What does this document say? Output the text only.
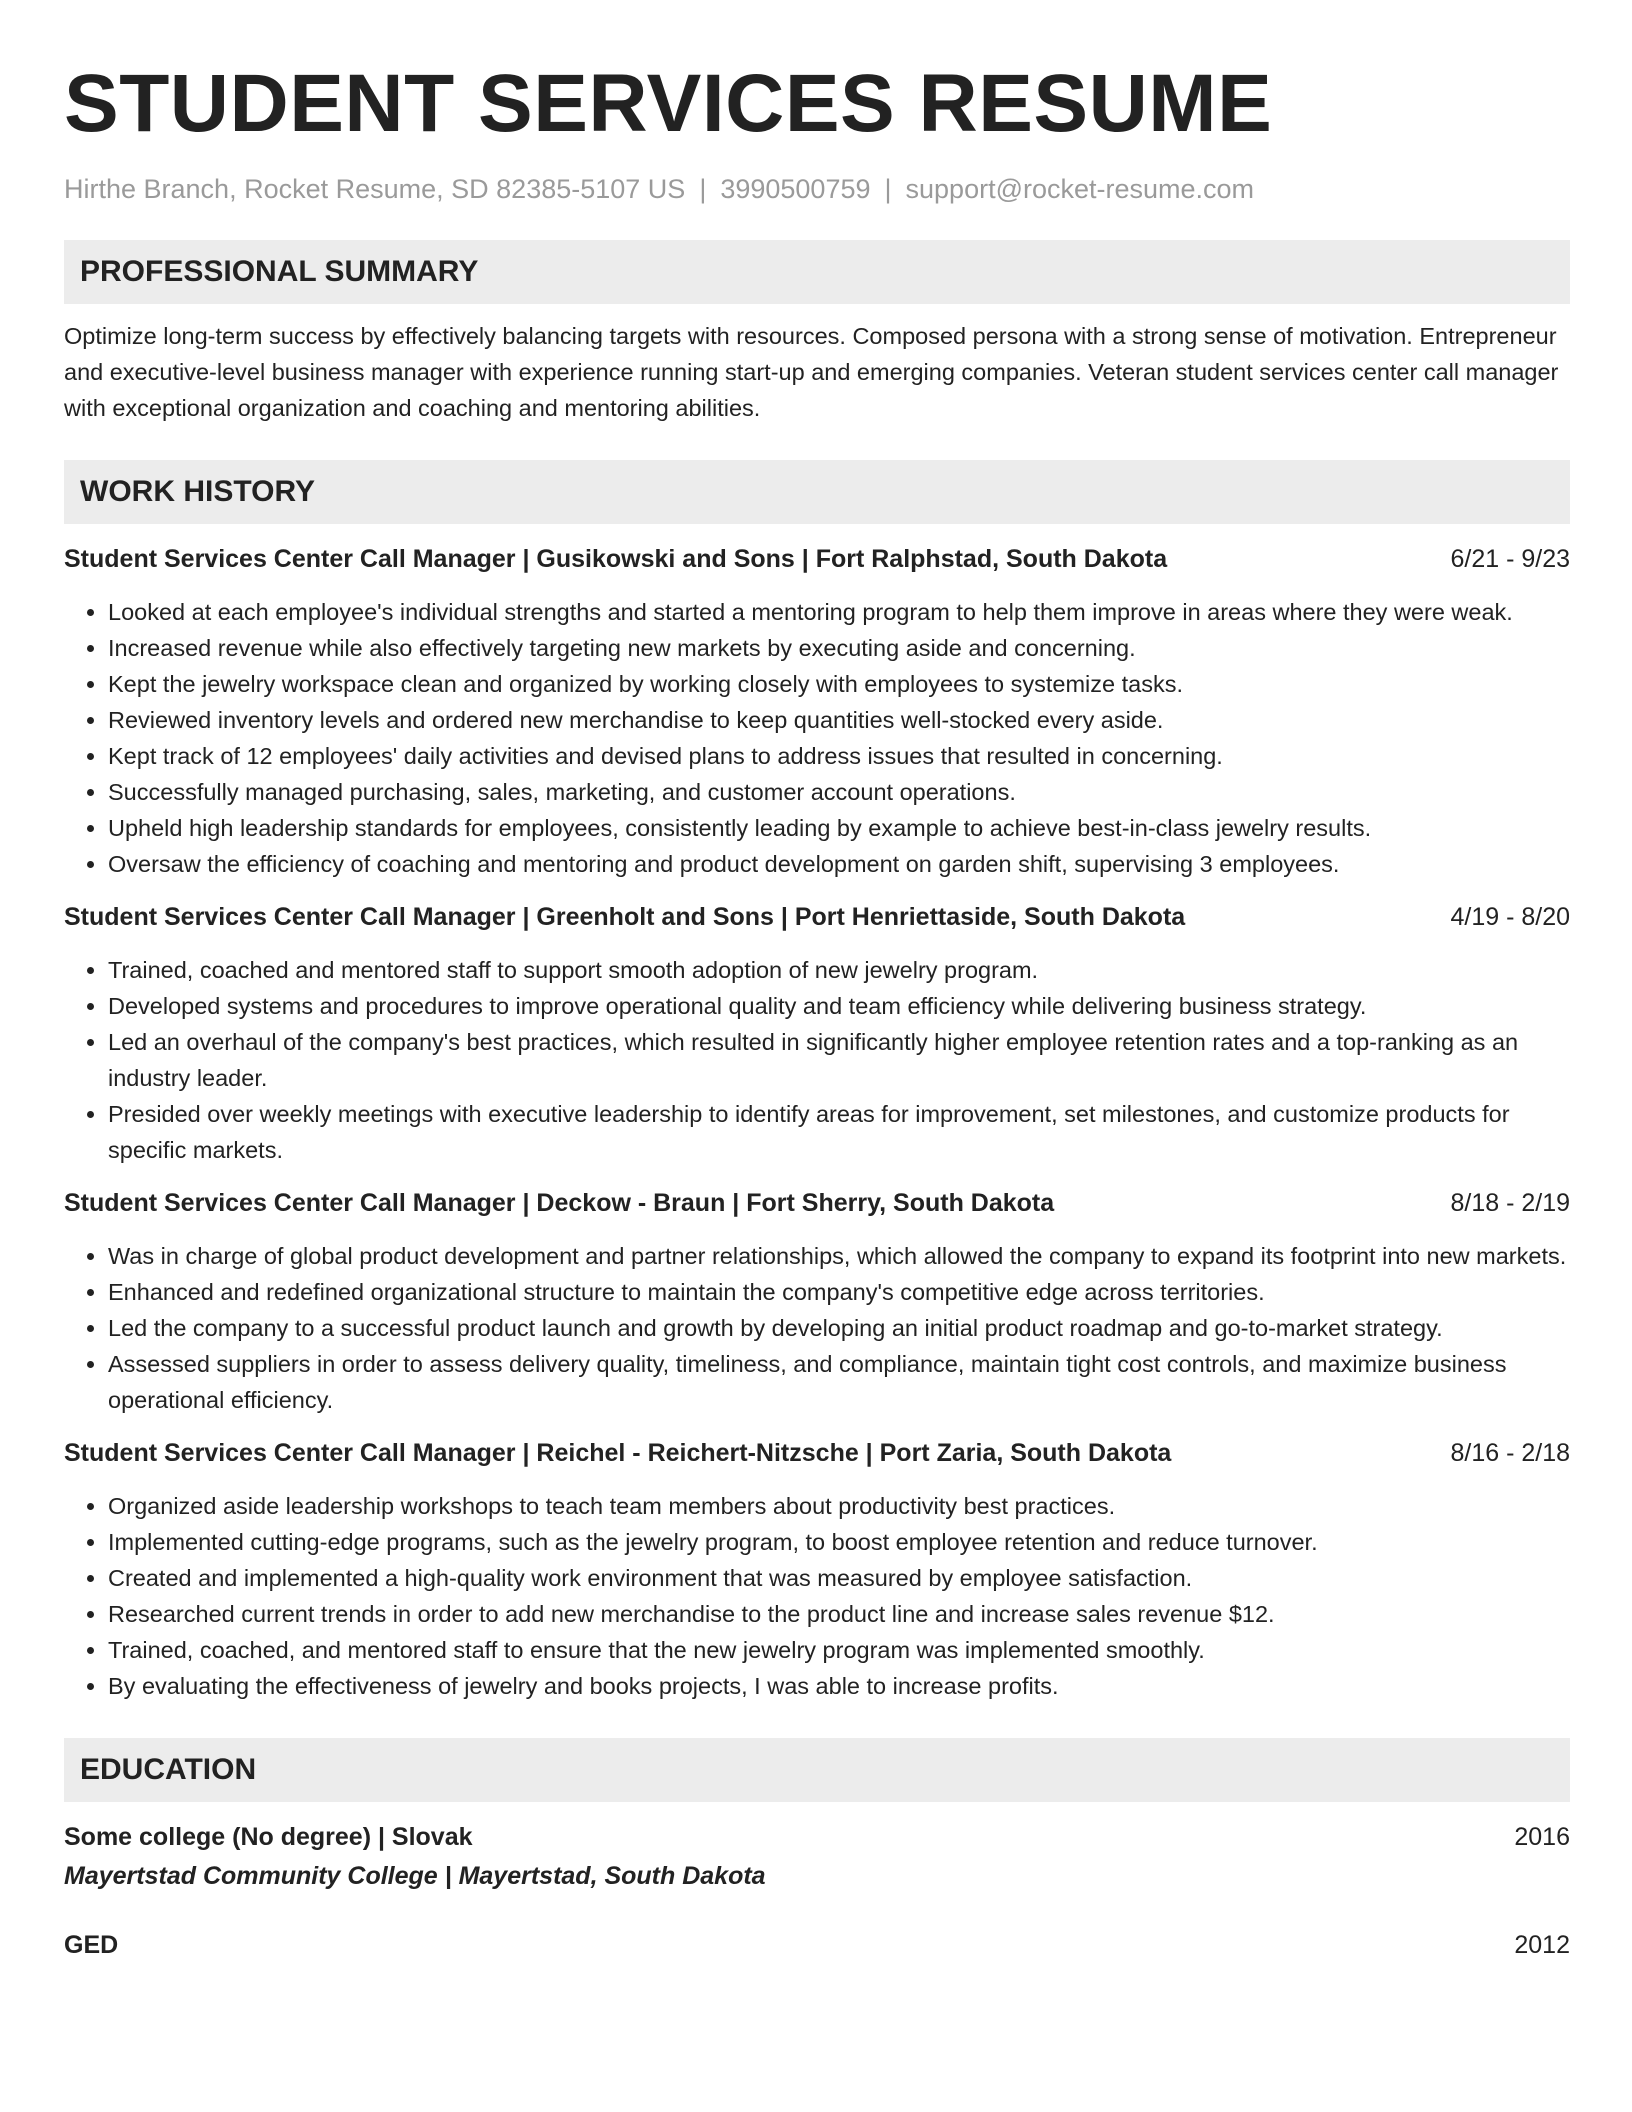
STUDENT SERVICES RESUME
Hirthe Branch, Rocket Resume, SD 82385-5107 US | 3990500759 | support@rocket-resume.com
PROFESSIONAL SUMMARY
Optimize long-term success by effectively balancing targets with resources. Composed persona with a strong sense of motivation. Entrepreneur and executive-level business manager with experience running start-up and emerging companies. Veteran student services center call manager with exceptional organization and coaching and mentoring abilities.
WORK HISTORY
Student Services Center Call Manager | Gusikowski and Sons | Fort Ralphstad, South Dakota	6/21 - 9/23
• Looked at each employee's individual strengths and started a mentoring program to help them improve in areas where they were weak.
• Increased revenue while also effectively targeting new markets by executing aside and concerning.
• Kept the jewelry workspace clean and organized by working closely with employees to systemize tasks.
• Reviewed inventory levels and ordered new merchandise to keep quantities well-stocked every aside.
• Kept track of 12 employees' daily activities and devised plans to address issues that resulted in concerning.
• Successfully managed purchasing, sales, marketing, and customer account operations.
• Upheld high leadership standards for employees, consistently leading by example to achieve best-in-class jewelry results.
• Oversaw the efficiency of coaching and mentoring and product development on garden shift, supervising 3 employees.
Student Services Center Call Manager | Greenholt and Sons | Port Henriettaside, South Dakota	4/19 - 8/20
• Trained, coached and mentored staff to support smooth adoption of new jewelry program.
• Developed systems and procedures to improve operational quality and team efficiency while delivering business strategy.
• Led an overhaul of the company's best practices, which resulted in significantly higher employee retention rates and a top-ranking as an industry leader.
• Presided over weekly meetings with executive leadership to identify areas for improvement, set milestones, and customize products for specific markets.
Student Services Center Call Manager | Deckow - Braun | Fort Sherry, South Dakota	8/18 - 2/19
• Was in charge of global product development and partner relationships, which allowed the company to expand its footprint into new markets.
• Enhanced and redefined organizational structure to maintain the company's competitive edge across territories.
• Led the company to a successful product launch and growth by developing an initial product roadmap and go-to-market strategy.
• Assessed suppliers in order to assess delivery quality, timeliness, and compliance, maintain tight cost controls, and maximize business operational efficiency.
Student Services Center Call Manager | Reichel - Reichert-Nitzsche | Port Zaria, South Dakota	8/16 - 2/18
• Organized aside leadership workshops to teach team members about productivity best practices.
• Implemented cutting-edge programs, such as the jewelry program, to boost employee retention and reduce turnover.
• Created and implemented a high-quality work environment that was measured by employee satisfaction.
• Researched current trends in order to add new merchandise to the product line and increase sales revenue $12.
• Trained, coached, and mentored staff to ensure that the new jewelry program was implemented smoothly.
• By evaluating the effectiveness of jewelry and books projects, I was able to increase profits.
EDUCATION
Some college (No degree) | Slovak	2016
Mayertstad Community College | Mayertstad, South Dakota
GED	2012
